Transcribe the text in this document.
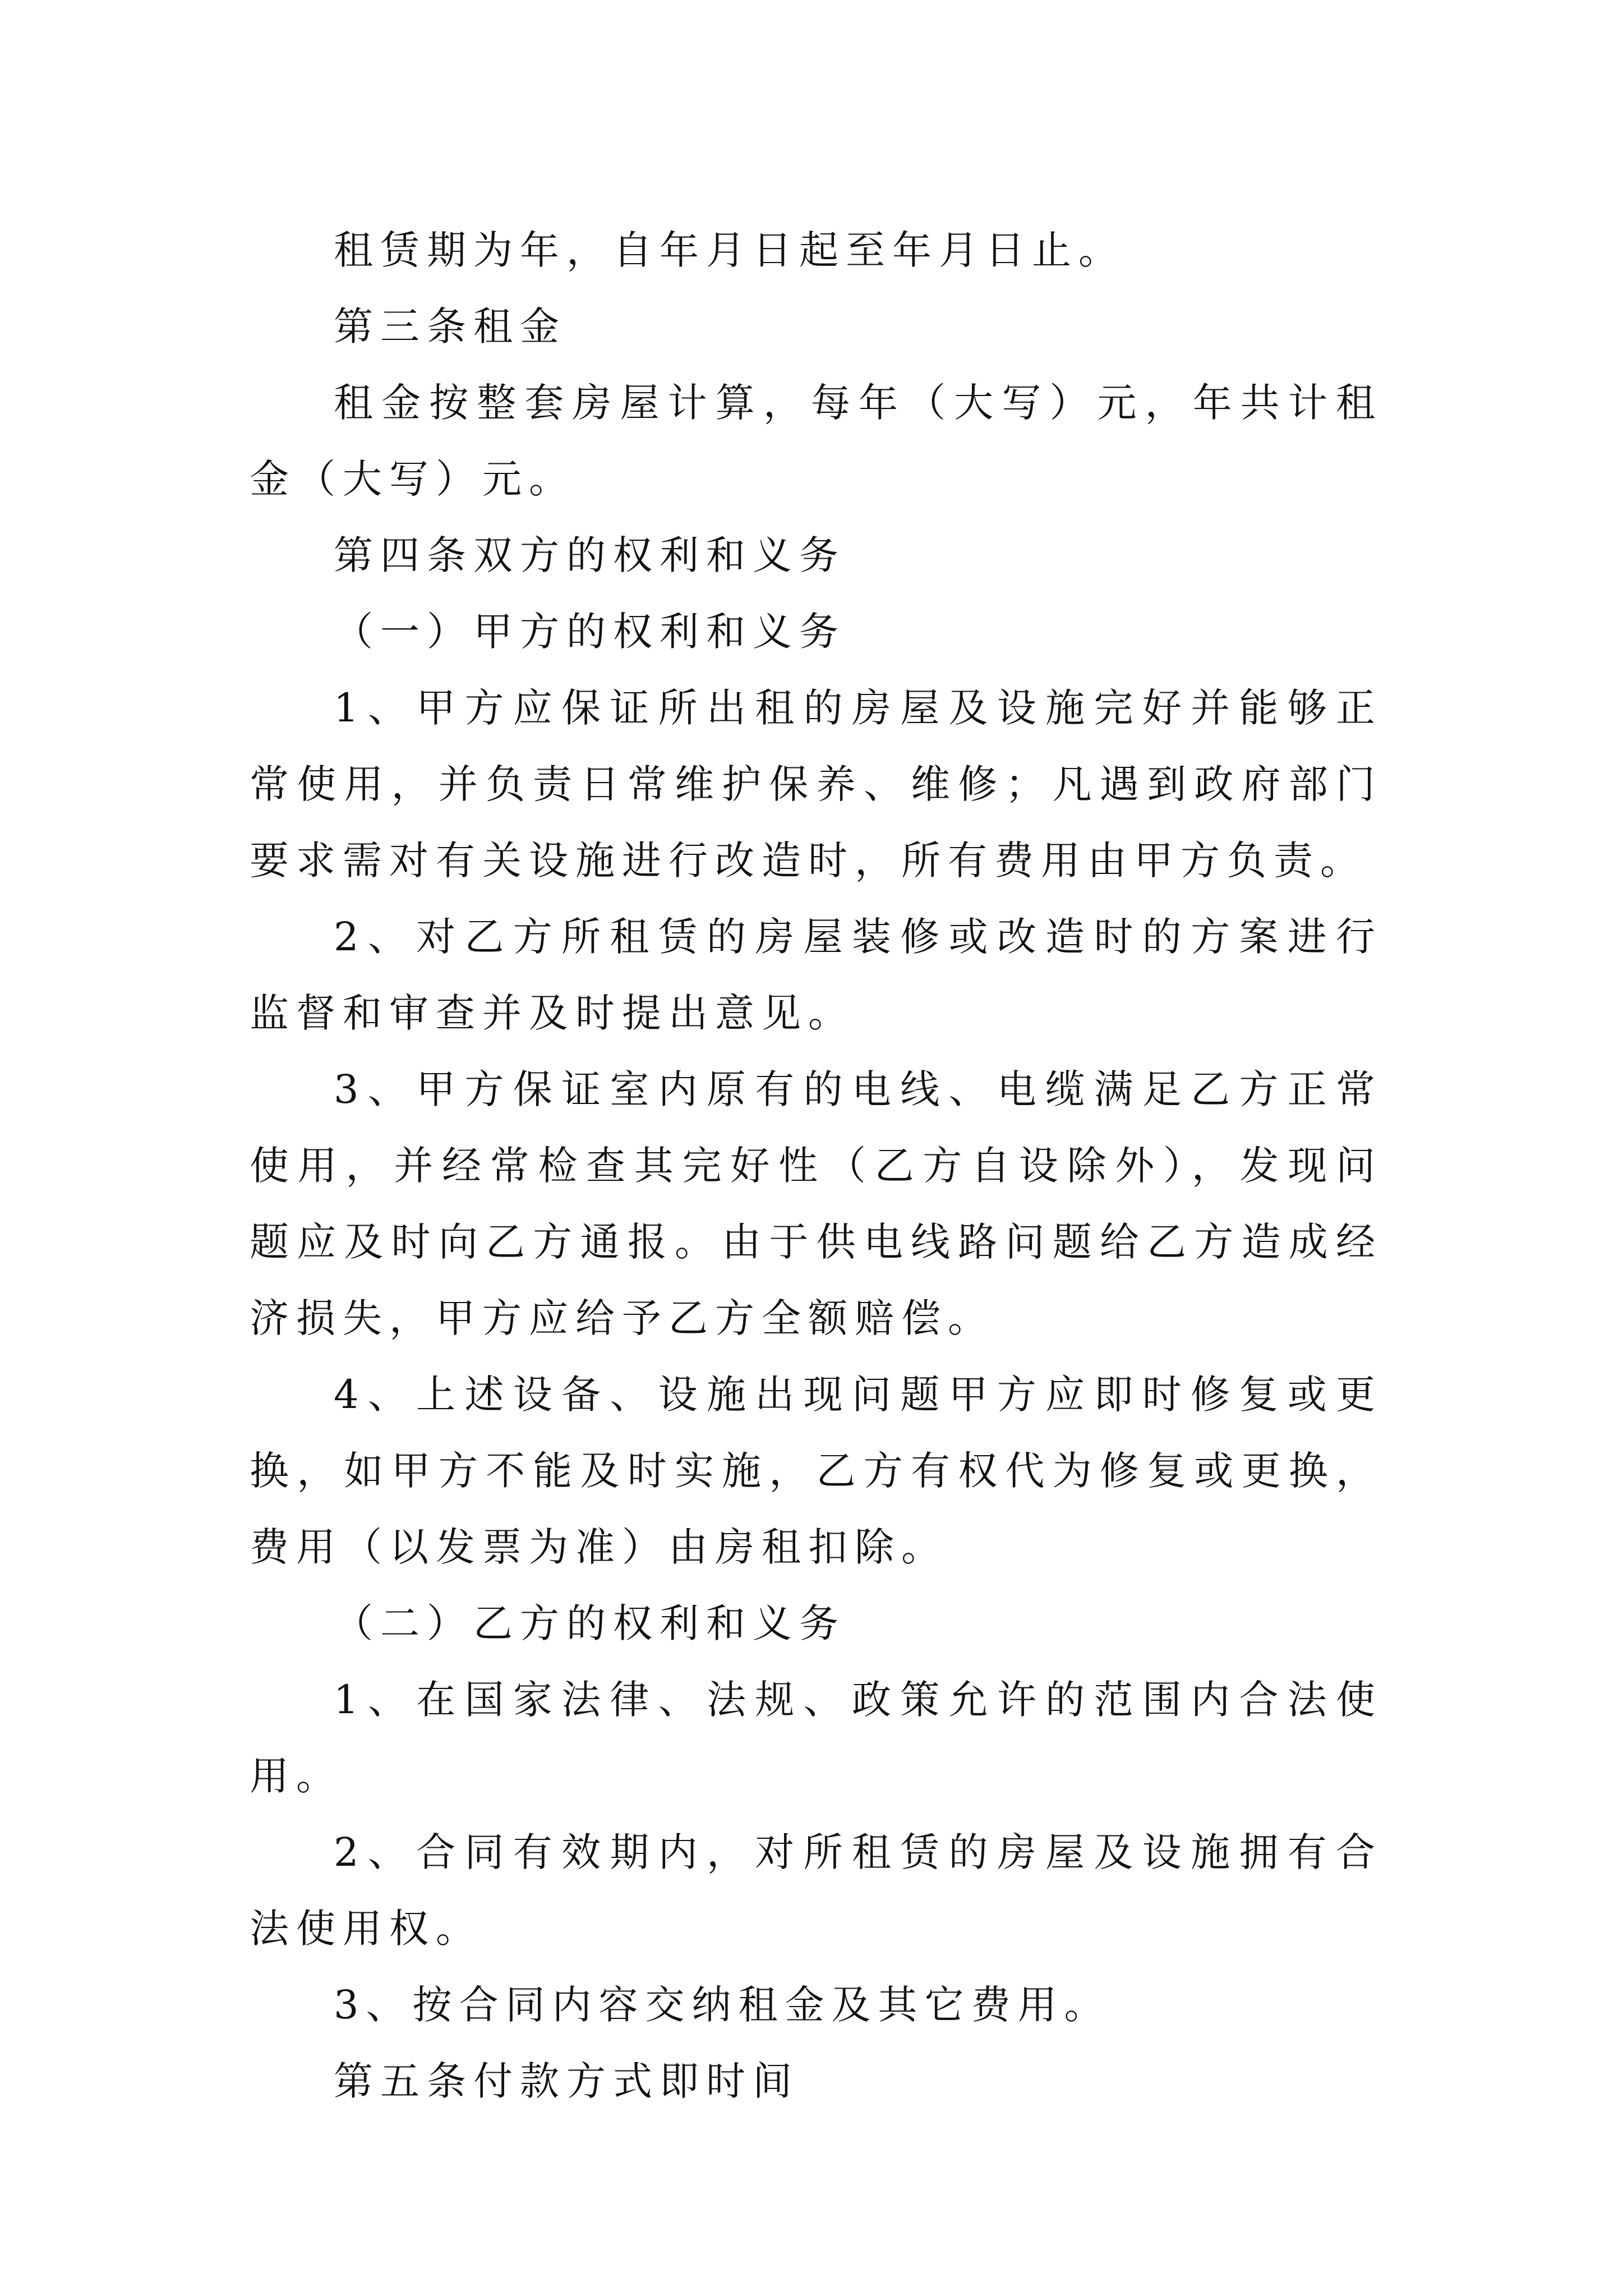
租赁期为年，自年月日起至年月日止。

第三条租金

租金按整套房屋计算，每年（大写）元，年共计租金（大写）元。

第四条双方的权利和义务

（一）甲方的权利和义务

1、甲方应保证所出租的房屋及设施完好并能够正常使用，并负责日常维护保养、维修；凡遇到政府部门要求需对有关设施进行改造时，所有费用由甲方负责。

2、对乙方所租赁的房屋装修或改造时的方案进行监督和审查并及时提出意见。

3、甲方保证室内原有的电线、电缆满足乙方正常使用，并经常检查其完好性（乙方自设除外），发现问题应及时向乙方通报。由于供电线路问题给乙方造成经济损失，甲方应给予乙方全额赔偿。

4、上述设备、设施出现问题甲方应即时修复或更换，如甲方不能及时实施，乙方有权代为修复或更换，费用（以发票为准）由房租扣除。

（二）乙方的权利和义务

1、在国家法律、法规、政策允许的范围内合法使用。

2、合同有效期内，对所租赁的房屋及设施拥有合法使用权。

3、按合同内容交纳租金及其它费用。

第五条付款方式即时间
